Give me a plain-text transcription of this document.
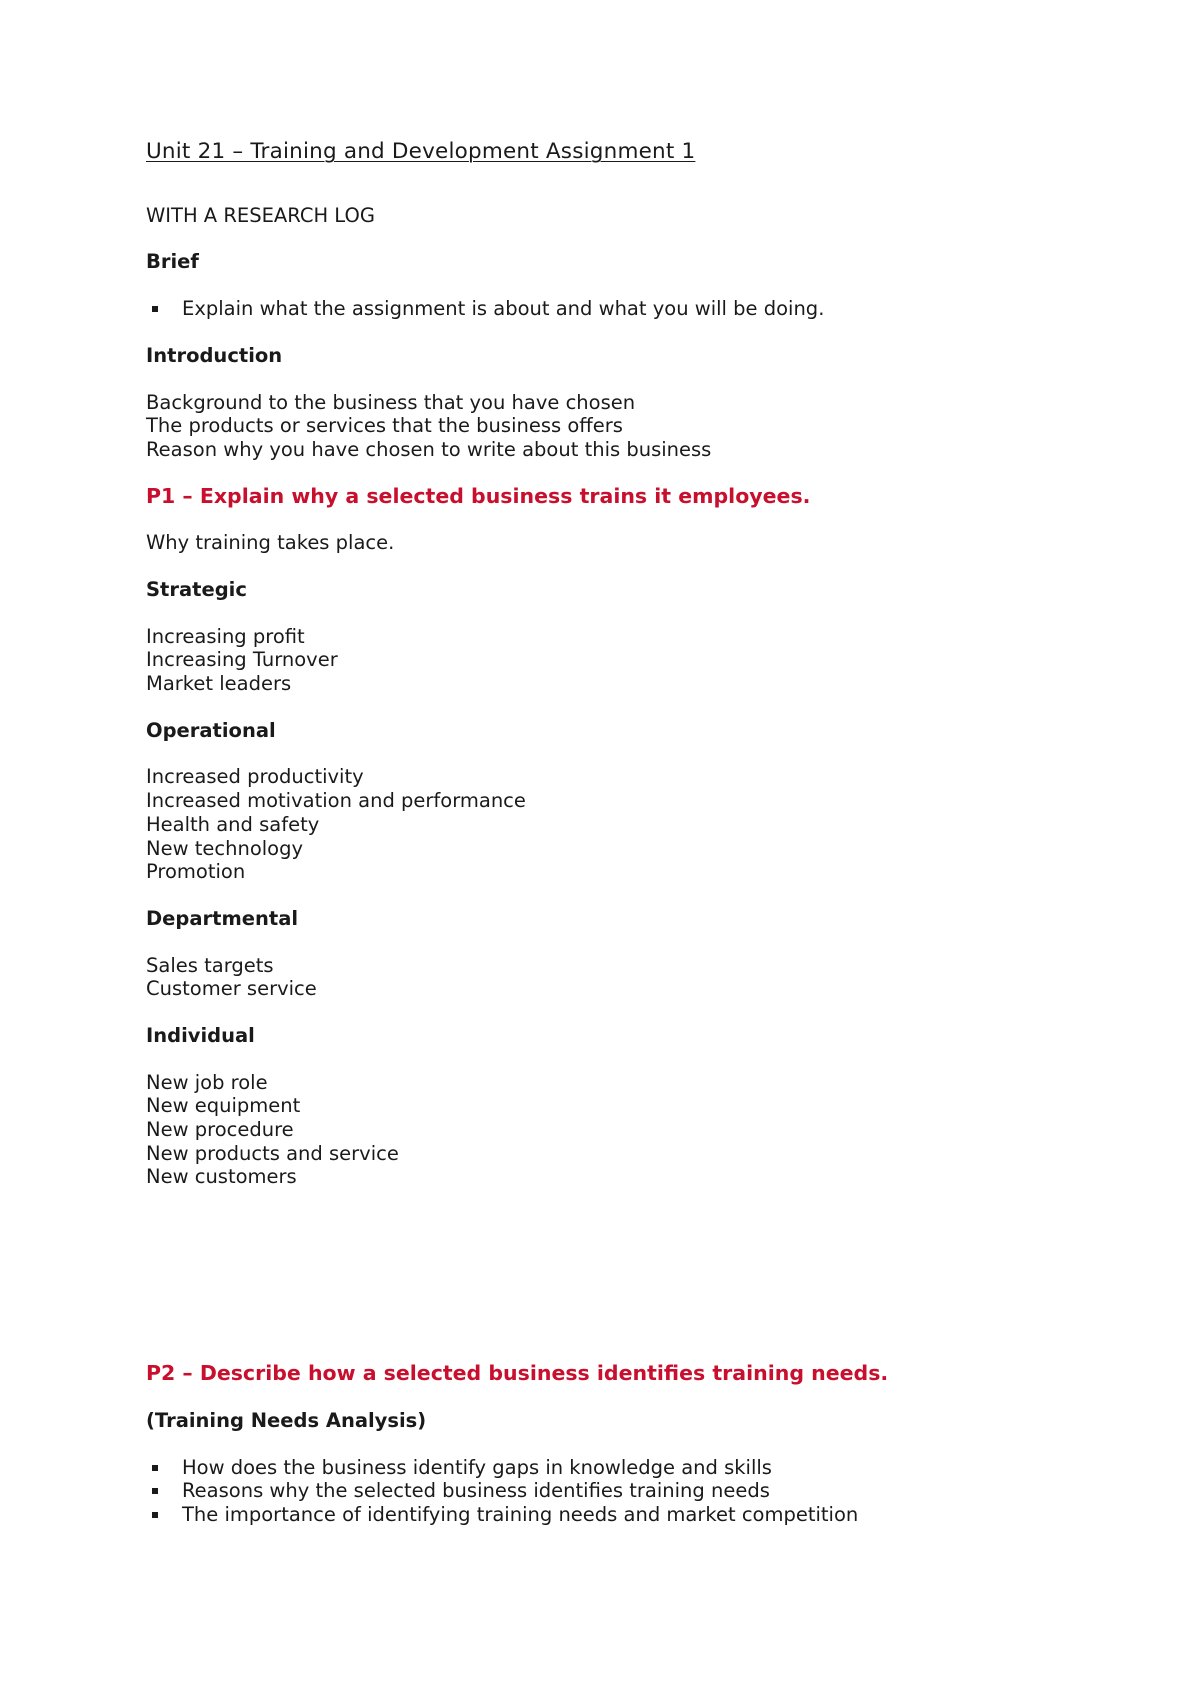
Unit 21 – Training and Development Assignment 1
WITH A RESEARCH LOG
Brief
Explain what the assignment is about and what you will be doing.
Introduction
Background to the business that you have chosen
The products or services that the business offers
Reason why you have chosen to write about this business
P1 – Explain why a selected business trains it employees.

Why training takes place.

Strategic
Increasing profit
Increasing Turnover
Market leaders
Operational
Increased productivity
Increased motivation and performance
Health and safety
New technology
Promotion
Departmental
Sales targets
Customer service
Individual
New job role
New equipment
New procedure
New products and service
New customers
P2 – Describe how a selected business identifies training needs.
(Training Needs Analysis)
How does the business identify gaps in knowledge and skills
Reasons why the selected business identifies training needs
The importance of identifying training needs and market competition
